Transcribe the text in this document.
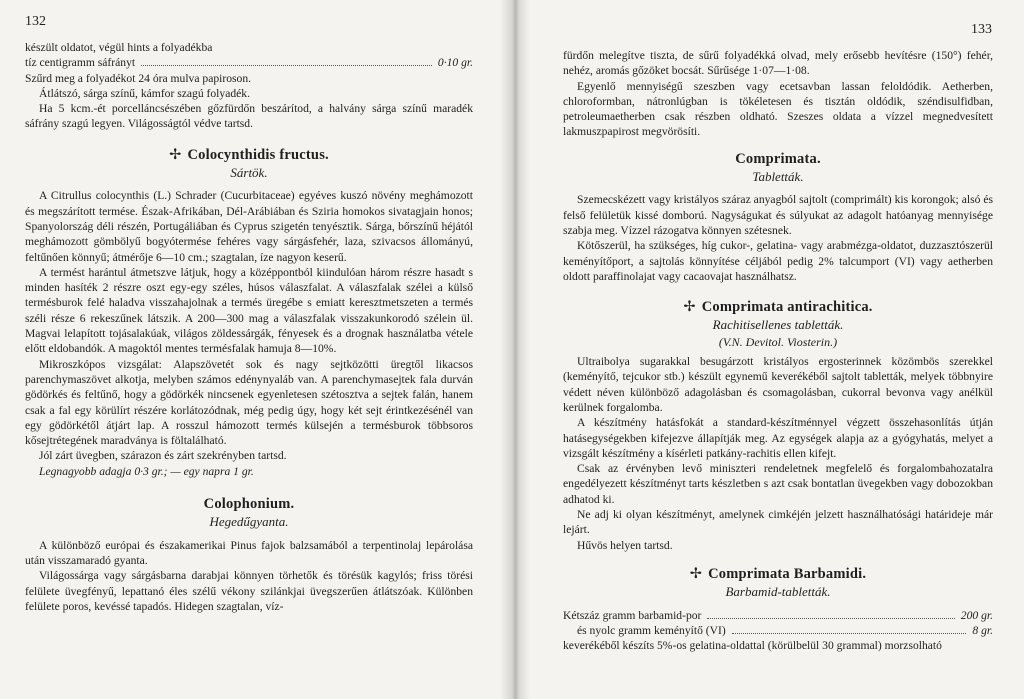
132

készült oldatot, végül hints a folyadékba

tíz centigramm sáfrányt	0·10 gr.

Szűrd meg a folyadékot 24 óra mulva papiroson.

Átlátszó, sárga színű, kámfor szagú folyadék.

Ha 5 kcm.-ét porcelláncsészében gőzfürdőn beszárítod, a halvány sárga színű maradék sáfrány szagú legyen. Világosságtól védve tartsd.

✢ Colocynthidis fructus.
Sártök.

A Citrullus colocynthis (L.) Schrader (Cucurbitaceae) egyéves kuszó növény meghámozott és megszárított termése. Észak-Afrikában, Dél-Arábiában és Sziria homokos sivatagjain honos; Spanyolország déli részén, Portugáliában és Cyprus szigetén tenyésztik. Sárga, bőrszínű héjától meghámozott gömbölyű bogyótermése fehéres vagy sárgásfehér, laza, szivacsos állományú, feltűnően könnyű; átmérője 6—10 cm.; szagtalan, íze nagyon keserű.

A termést harántul átmetszve látjuk, hogy a középpontból kiindulóan három részre hasadt s minden hasíték 2 részre oszt egy-egy széles, húsos válaszfalat. A válaszfalak szélei a külső termésburok felé haladva visszahajolnak a termés üregébe s emiatt keresztmetszeten a termés széli része 6 rekeszűnek látszik. A 200—300 mag a válaszfalak visszakunkorodó szélein ül. Magvai lelapított tojásalakúak, világos zöldessárgák, fényesek és a drognak használatba vétele előtt eldobandók. A magoktól mentes termésfalak hamuja 8—10%.

Mikroszkópos vizsgálat: Alapszövetét sok és nagy sejtközötti üregtől likacsos parenchymaszövet alkotja, melyben számos edénynyaláb van. A parenchymasejtek fala durván gödörkés és feltűnő, hogy a gödörkék nincsenek egyenletesen szétosztva a sejtek falán, hanem csak a fal egy körülírt részére korlátozódnak, még pedig úgy, hogy két sejt érintkezésénél van egy gödörkétől átjárt lap. A rosszul hámozott termés külsején a termésburok többsoros kősejtrétegének maradványa is föltalálható.

Jól zárt üvegben, szárazon és zárt szekrényben tartsd.

Legnagyobb adagja 0·3 gr.; — egy napra 1 gr.

Colophonium.
Hegedűgyanta.

A különböző európai és északamerikai Pinus fajok balzsamából a terpentinolaj lepárolása után visszamaradó gyanta.

Világossárga vagy sárgásbarna darabjai könnyen törhetők és törésük kagylós; friss törési felülete üvegfényű, lepattanó éles szélű vékony szilánkjai üvegszerűen átlátszóak. Különben felülete poros, kevéssé tapadós. Hidegen szagtalan, víz-

133

fürdőn melegítve tiszta, de sűrű folyadékká olvad, mely erősebb hevítésre (150°) fehér, nehéz, aromás gőzöket bocsát. Sűrűsége 1·07—1·08.

Egyenlő mennyiségű szeszben vagy ecetsavban lassan feloldódik. Aetherben, chloroformban, nátronlúgban is tökéletesen és tisztán oldódik, széndisulfidban, petroleumaetherben csak részben oldható. Szeszes oldata a vízzel megnedvesített lakmuszpapirost megvörösíti.

Comprimata.
Tabletták.

Szemecskézett vagy kristályos száraz anyagból sajtolt (comprimált) kis korongok; alsó és felső felületük kissé domború. Nagyságukat és súlyukat az adagolt hatóanyag mennyisége szabja meg. Vízzel rázogatva könnyen szétesnek.

Kötőszerül, ha szükséges, híg cukor-, gelatina- vagy arabmézga-oldatot, duzzasztószerül keményítőport, a sajtolás könnyítése céljából pedig 2% talcumport (VI) vagy aetherben oldott paraffinolajat vagy cacaovajat használhatsz.

✢ Comprimata antirachitica.
Rachitisellenes tabletták.
(V.N. Devitol. Viosterin.)

Ultraibolya sugarakkal besugárzott kristályos ergosterinnek közömbös szerekkel (keményítő, tejcukor stb.) készült egynemű keverékéből sajtolt tabletták, melyek többnyire védett néven különböző adagolásban és csomagolásban, cukorral bevonva vagy anélkül kerülnek forgalomba.

A készítmény hatásfokát a standard-készítménnyel végzett összehasonlítás útján hatásegységekben kifejezve állapítják meg. Az egységek alapja az a gyógyhatás, melyet a vizsgált készítmény a kísérleti patkány-rachitis ellen kifejt.

Csak az érvényben levő miniszteri rendeletnek megfelelő és forgalombahozatalra engedélyezett készítményt tarts készletben s azt csak bontatlan üvegekben vagy dobozokban adhatod ki.

Ne adj ki olyan készítményt, amelynek cimkéjén jelzett használhatósági határideje már lejárt.

Hűvös helyen tartsd.

✢ Comprimata Barbamidi.
Barbamid-tabletták.
Kétszáz gramm barbamid-por	200 gr.
és nyolc gramm keményítő (VI)	8 gr.

keverékéből készíts 5%-os gelatina-oldattal (körülbelül 30 grammal) morzsolható
